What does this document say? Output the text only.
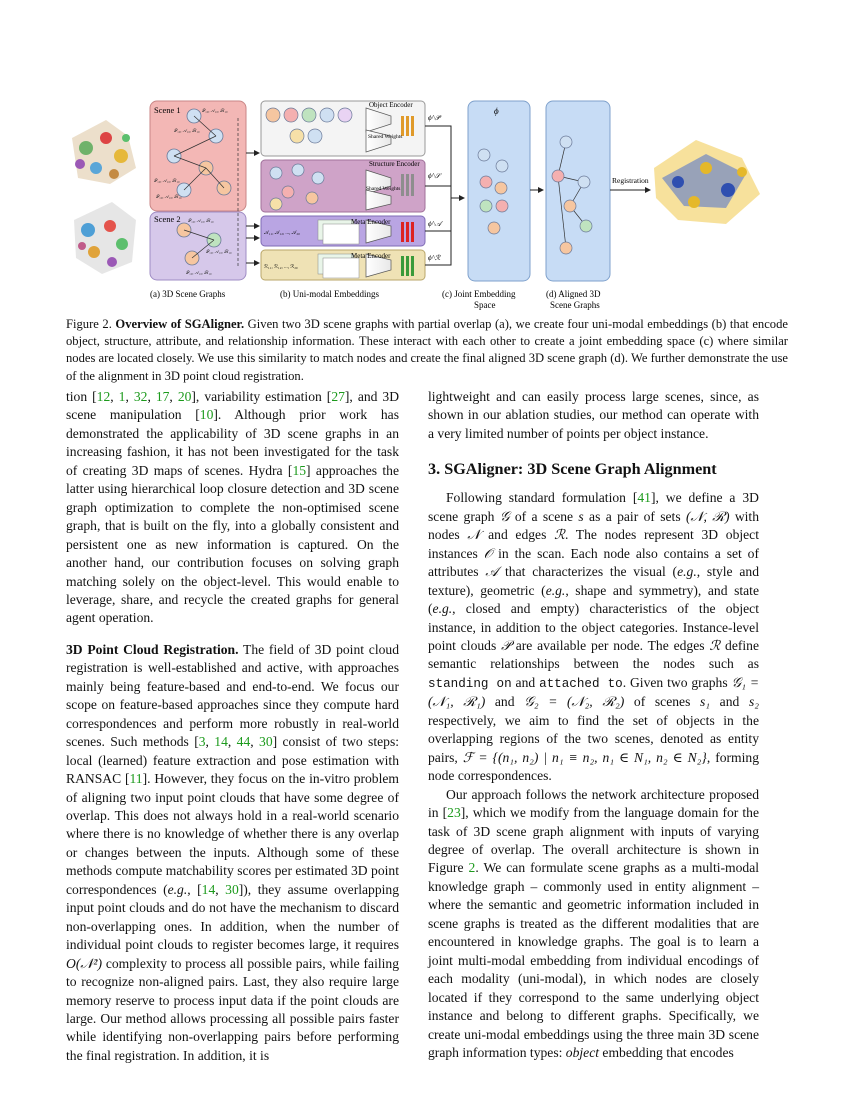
Scene 1
Scene 2
𝒫₁₀, 𝒜₁₀, ℛ₁₀
𝒫₁₀, 𝒜₁₀, ℛ₁₀
𝒫₁₀, 𝒜₁₀, ℛ₁₀
𝒫₁₀, 𝒜₁₀, ℛ₁₀
𝒫₁₀, 𝒜₁₀, ℛ₁₀
𝒫₁₀, 𝒜₁₀, ℛ₁₀
𝒫₁₀, 𝒜₁₀, ℛ₁₀
𝒜₁₁, 𝒜₁₂, ..., 𝒜₂₀
ℛ₁₁, ℛ₁₂, ..., ℛ₂₀
Object Encoder
Structure Encoder
Meta Encoder
Meta Encoder
Shared Weights
Shared Weights
ϕ^𝒫
ϕ^𝒮
ϕ^𝒜
ϕ^ℛ
ϕ
Registration
(a) 3D Scene Graphs	(b) Uni-modal Embeddings	(c) Joint Embedding
Space
(d) Aligned 3D
Scene Graphs
Figure 2. Overview of SGAligner. Given two 3D scene graphs with partial overlap (a), we create four uni-modal embeddings (b) that encode object, structure, attribute, and relationship information. These interact with each other to create a joint embedding space (c) where similar nodes are located closely. We use this similarity to match nodes and create the final aligned 3D scene graph (d). We further demonstrate the use of the alignment in 3D point cloud registration.

tion [12, 1, 32, 17, 20], variability estimation [27], and 3D scene manipulation [10]. Although prior work has demonstrated the applicability of 3D scene graphs in an increasing fashion, it has not been investigated for the task of creating 3D maps of scenes. Hydra [15] approaches the latter using hierarchical loop closure detection and 3D scene graph optimization to complete the non-optimised scene graph, that is built on the fly, into a globally consistent and persistent one as new information is captured. On the another hand, our contribution focuses on solving graph matching solely on the object-level. This would enable to leverage, share, and recycle the created graphs for general agent operation.

3D Point Cloud Registration. The field of 3D point cloud registration is well-established and active, with approaches mainly being feature-based and end-to-end. We focus our scope on feature-based approaches since they compute hard correspondences and perform more robustly in real-world scenes. Such methods [3, 14, 44, 30] consist of two steps: local (learned) feature extraction and pose estimation with RANSAC [11]. However, they focus on the in-vitro problem of aligning two input point clouds that have some degree of overlap. This does not always hold in a real-world scenario where there is no knowledge of whether there is any overlap or changes between the inputs. Although some of these methods compute matchability scores per estimated 3D point correspondences (e.g., [14, 30]), they assume overlapping input point clouds and do not have the mechanism to discard non-overlapping ones. In addition, when the number of individual point clouds to register becomes large, it requires O(𝒩²) complexity to process all possible pairs, while failing to recognize non-aligned pairs. Last, they also require large memory reserve to process input data if the point clouds are large. Our method allows processing all possible pairs faster while identifying non-overlapping pairs before performing the final registration. In addition, it is

lightweight and can easily process large scenes, since, as shown in our ablation studies, our method can operate with a very limited number of points per object instance.

3. SGAligner: 3D Scene Graph Alignment

Following standard formulation [41], we define a 3D scene graph 𝒢 of a scene s as a pair of sets (𝒩, ℛ) with nodes 𝒩 and edges ℛ. The nodes represent 3D object instances 𝒪 in the scan. Each node also contains a set of attributes 𝒜 that characterizes the visual (e.g., style and texture), geometric (e.g., shape and symmetry), and state (e.g., closed and empty) characteristics of the object instance, in addition to the object categories. Instance-level point clouds 𝒫 are available per node. The edges ℛ define semantic relationships between the nodes such as standing on and attached to. Given two graphs 𝒢₁ = (𝒩₁, ℛ₁) and 𝒢₂ = (𝒩₂, ℛ₂) of scenes s₁ and s₂ respectively, we aim to find the set of objects in the overlapping regions of the two scenes, denoted as entity pairs, ℱ = {(n₁, n₂) | n₁ ≡ n₂, n₁ ∈ N₁, n₂ ∈ N₂}, forming node correspondences.

Our approach follows the network architecture proposed in [23], which we modify from the language domain for the task of 3D scene graph alignment with inputs of varying degree of overlap. The overall architecture is shown in Figure 2. We can formulate scene graphs as a multi-modal knowledge graph – commonly used in entity alignment – where the semantic and geometric information included in scene graphs is treated as the different modalities that are encountered in knowledge graphs. The goal is to learn a joint multi-modal embedding from individual encodings of each modality (uni-modal), in which nodes are closely located if they correspond to the same underlying object instance and belong to different graphs. Specifically, we create uni-modal embeddings using the three main 3D scene graph information types: object embedding that encodes
